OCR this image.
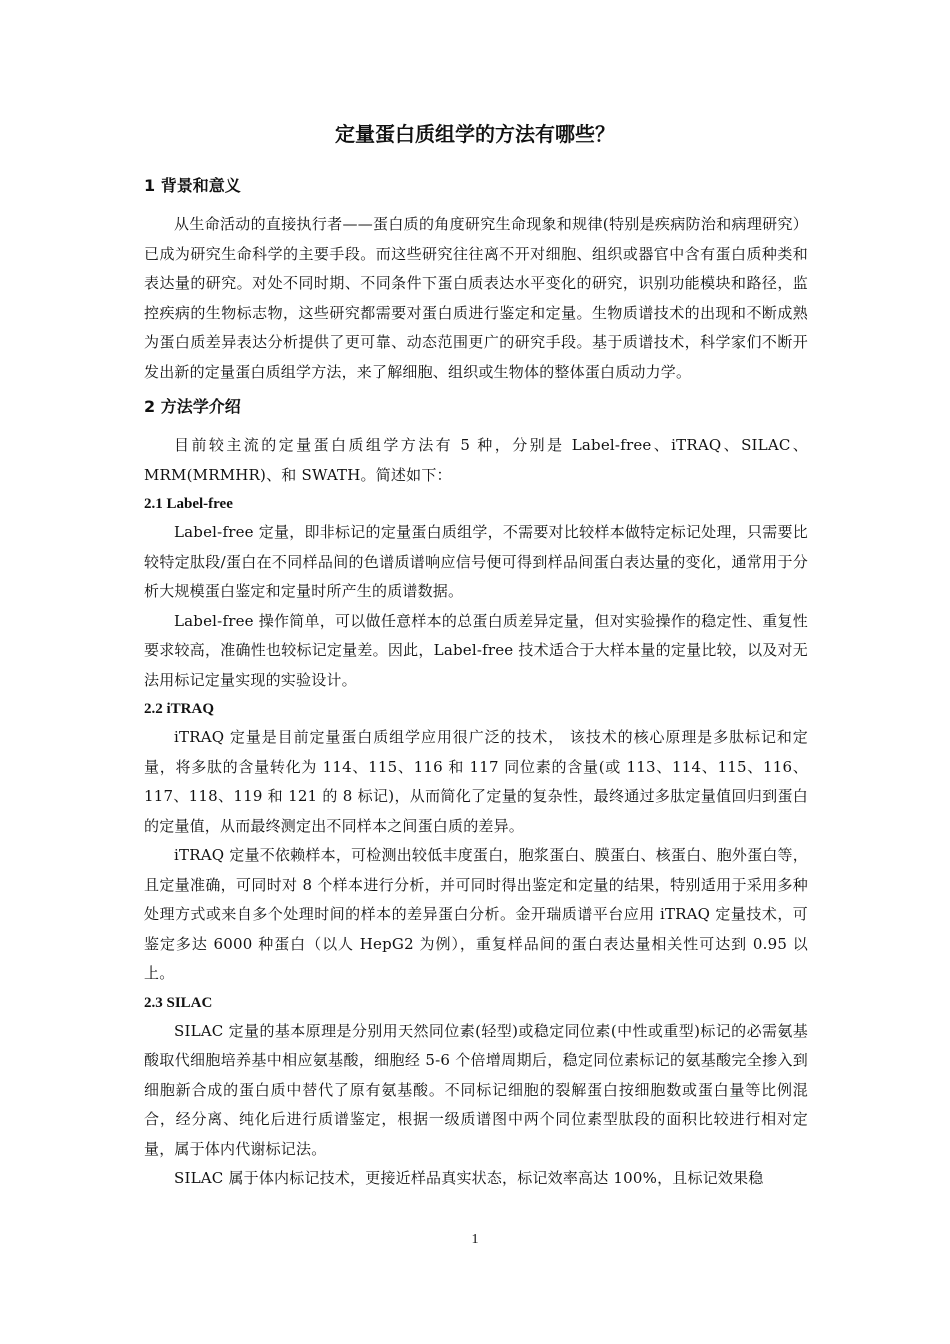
定量蛋白质组学的方法有哪些？
1 背景和意义

从生命活动的直接执行者——蛋白质的角度研究生命现象和规律(特别是疾病防治和病理研究）已成为研究生命科学的主要手段。而这些研究往往离不开对细胞、组织或器官中含有蛋白质种类和表达量的研究。对处不同时期、不同条件下蛋白质表达水平变化的研究，识别功能模块和路径，监控疾病的生物标志物，这些研究都需要对蛋白质进行鉴定和定量。生物质谱技术的出现和不断成熟为蛋白质差异表达分析提供了更可靠、动态范围更广的研究手段。基于质谱技术，科学家们不断开发出新的定量蛋白质组学方法，来了解细胞、组织或生物体的整体蛋白质动力学。

2 方法学介绍

目前较主流的定量蛋白质组学方法有 5 种，分别是 Label-free、iTRAQ、SILAC、MRM(MRMHR)、和 SWATH。简述如下：

2.1 Label-free

Label-free 定量，即非标记的定量蛋白质组学，不需要对比较样本做特定标记处理，只需要比较特定肽段/蛋白在不同样品间的色谱质谱响应信号便可得到样品间蛋白表达量的变化，通常用于分析大规模蛋白鉴定和定量时所产生的质谱数据。

Label-free 操作简单，可以做任意样本的总蛋白质差异定量，但对实验操作的稳定性、重复性要求较高，准确性也较标记定量差。因此，Label-free 技术适合于大样本量的定量比较，以及对无法用标记定量实现的实验设计。

2.2 iTRAQ

iTRAQ 定量是目前定量蛋白质组学应用很广泛的技术， 该技术的核心原理是多肽标记和定量，将多肽的含量转化为 114、115、116 和 117 同位素的含量(或 113、114、115、116、117、118、119 和 121 的 8 标记)，从而简化了定量的复杂性，最终通过多肽定量值回归到蛋白的定量值，从而最终测定出不同样本之间蛋白质的差异。

iTRAQ 定量不依赖样本，可检测出较低丰度蛋白，胞浆蛋白、膜蛋白、核蛋白、胞外蛋白等，且定量准确，可同时对 8 个样本进行分析，并可同时得出鉴定和定量的结果，特别适用于采用多种处理方式或来自多个处理时间的样本的差异蛋白分析。金开瑞质谱平台应用 iTRAQ 定量技术，可鉴定多达 6000 种蛋白（以人 HepG2 为例），重复样品间的蛋白表达量相关性可达到 0.95 以上。

2.3 SILAC

SILAC 定量的基本原理是分别用天然同位素(轻型)或稳定同位素(中性或重型)标记的必需氨基酸取代细胞培养基中相应氨基酸，细胞经 5-6 个倍增周期后，稳定同位素标记的氨基酸完全掺入到细胞新合成的蛋白质中替代了原有氨基酸。不同标记细胞的裂解蛋白按细胞数或蛋白量等比例混合，经分离、纯化后进行质谱鉴定，根据一级质谱图中两个同位素型肽段的面积比较进行相对定量，属于体内代谢标记法。

SILAC 属于体内标记技术，更接近样品真实状态，标记效率高达 100%，且标记效果稳

1
